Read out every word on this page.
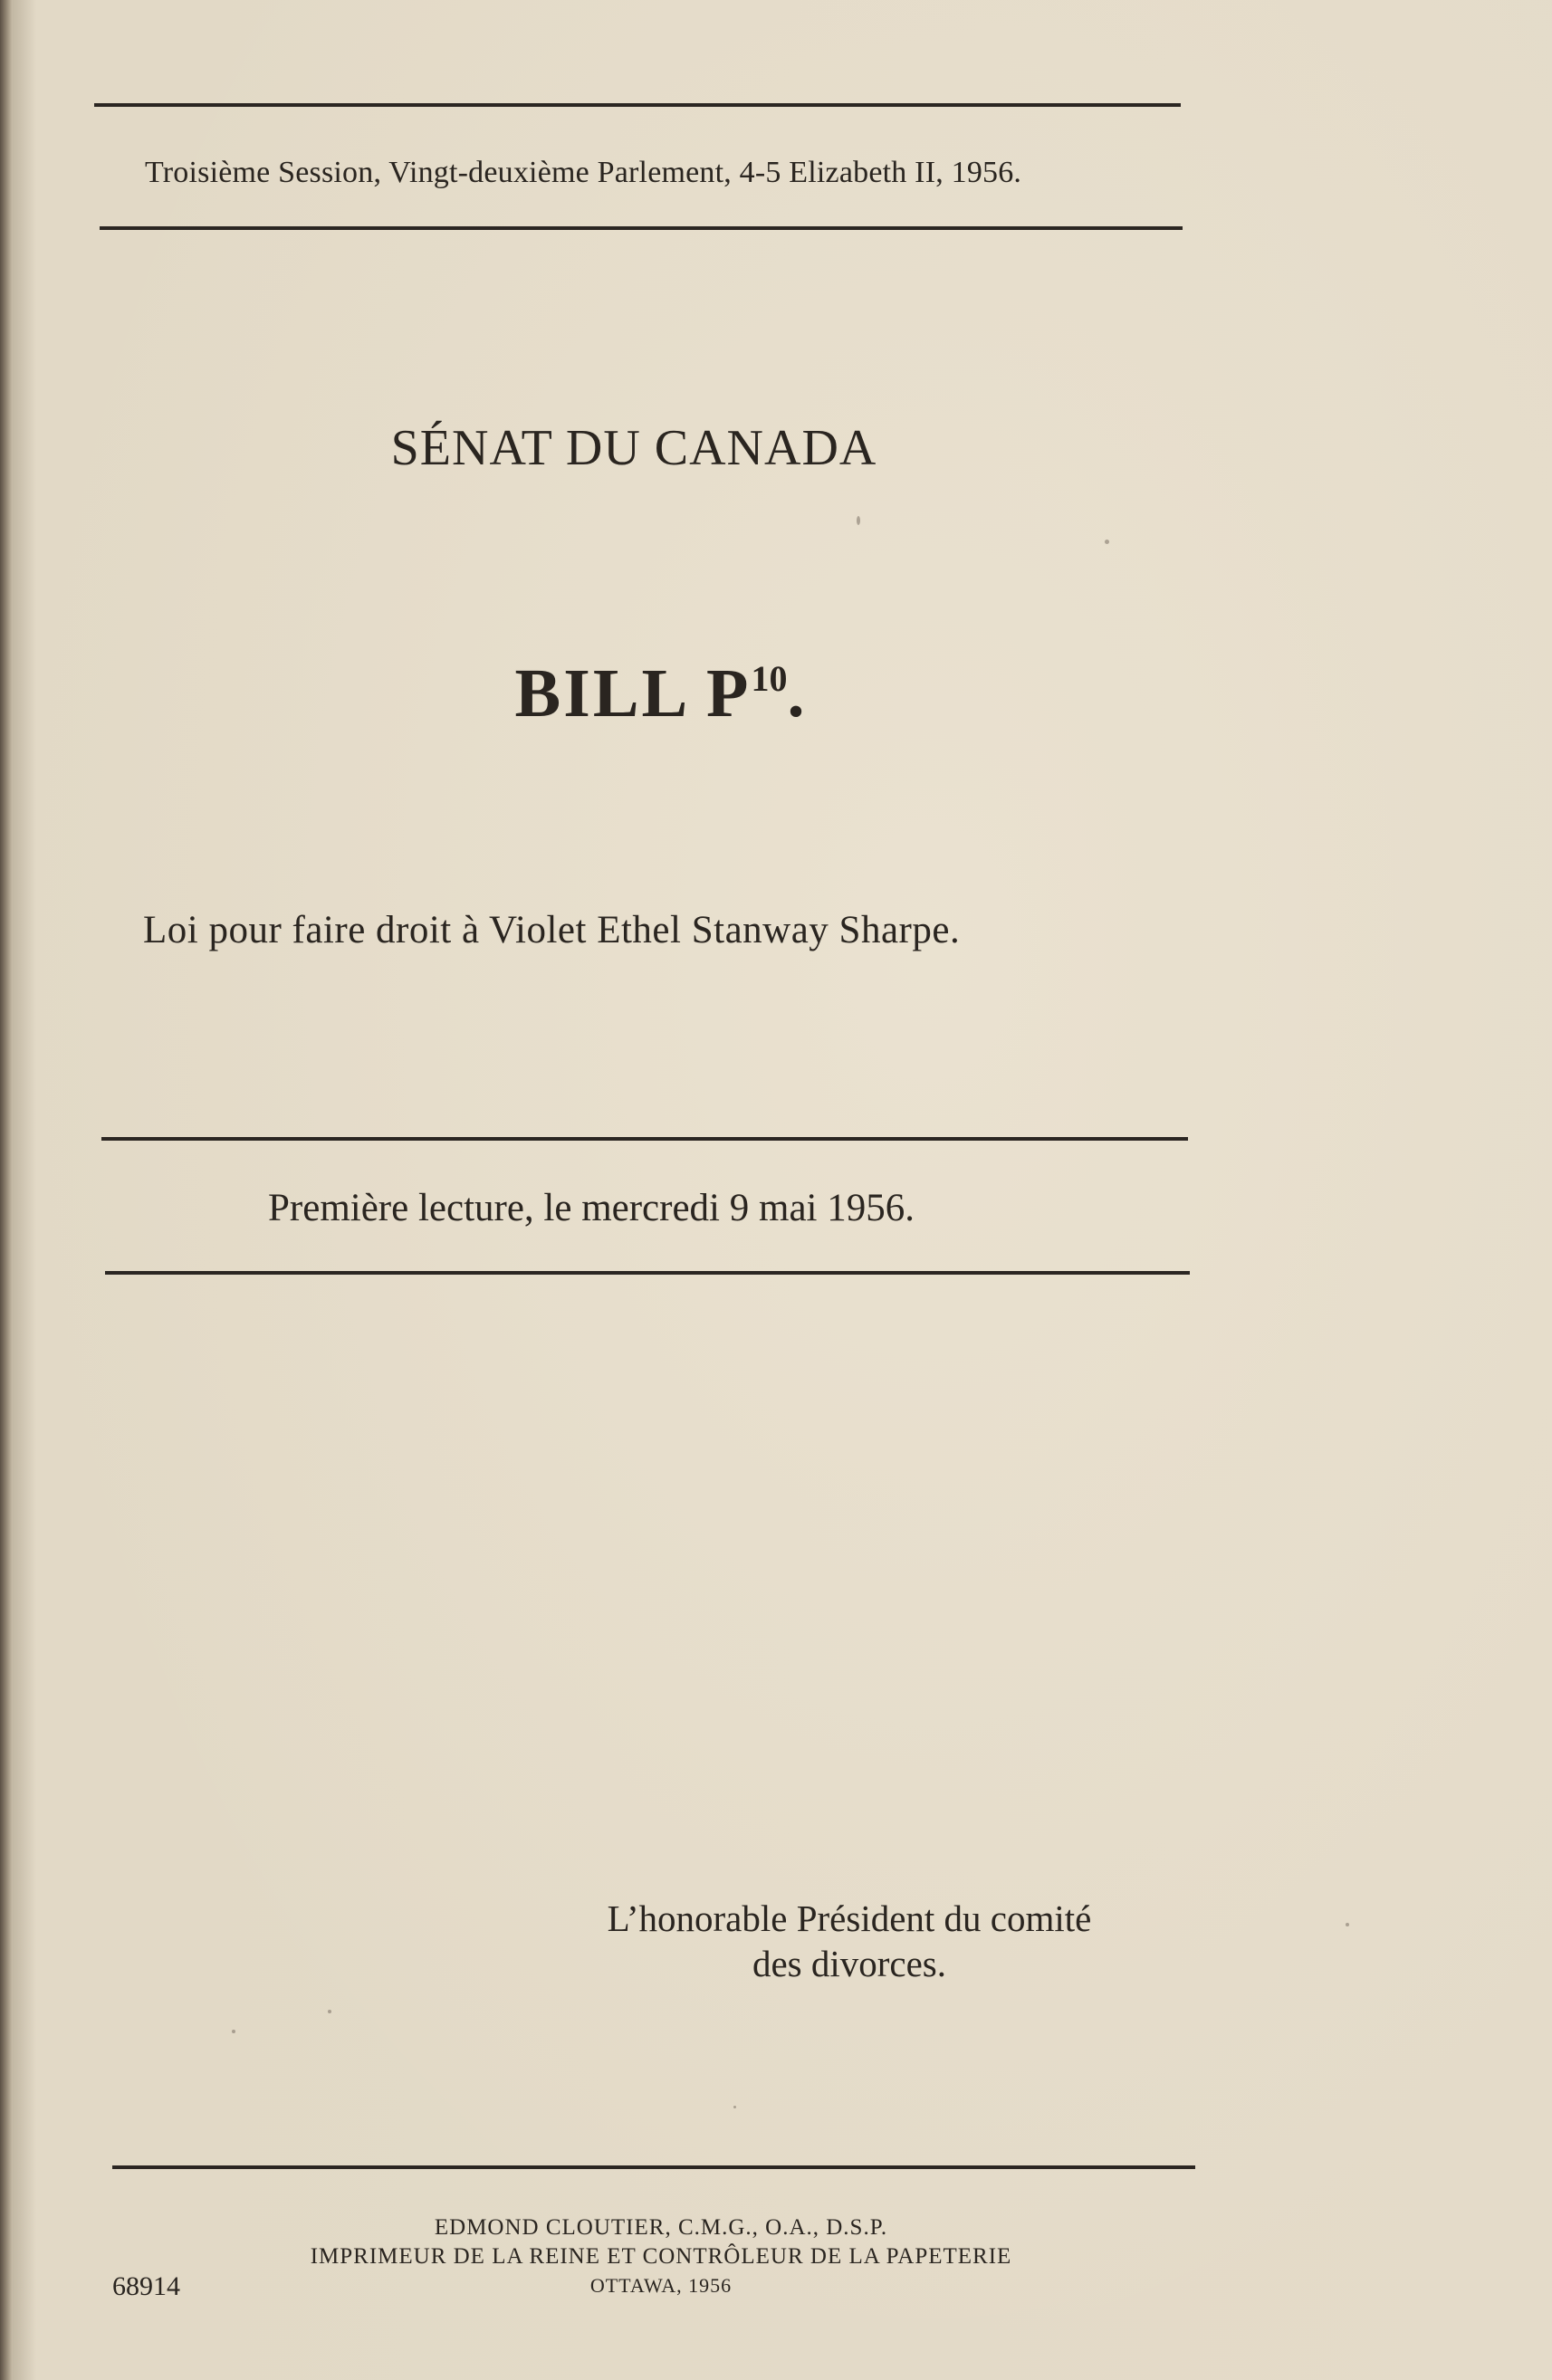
Troisième Session, Vingt-deuxième Parlement, 4-5 Elizabeth II, 1956.
SÉNAT DU CANADA
BILL $P^{10}$.
Loi pour faire droit à Violet Ethel Stanway Sharpe.
Première lecture, le mercredi 9 mai 1956.
L’honorable Président du comité
des divorces.
EDMOND CLOUTIER, C.M.G., O.A., D.S.P.
IMPRIMEUR DE LA REINE ET CONTRÔLEUR DE LA PAPETERIE
OTTAWA, 1956
68914
